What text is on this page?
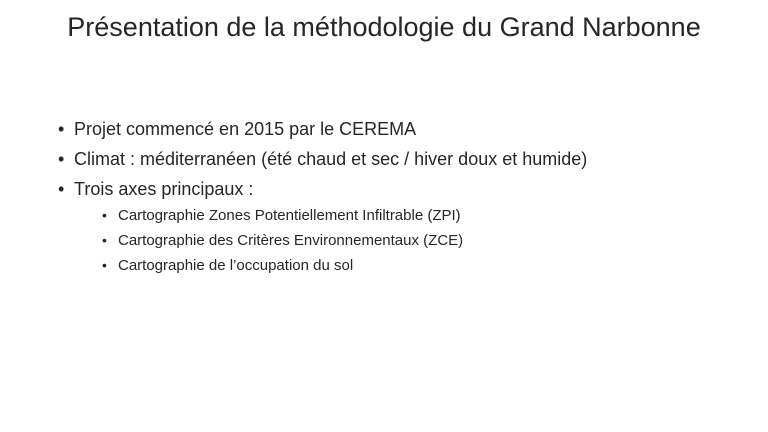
Présentation de la méthodologie du Grand Narbonne
• Projet commencé en 2015 par le CEREMA
• Climat : méditerranéen (été chaud et sec / hiver doux et humide)
• Trois axes principaux :
• Cartographie Zones Potentiellement Infiltrable (ZPI)
• Cartographie des Critères Environnementaux (ZCE)
• Cartographie de l’occupation du sol
